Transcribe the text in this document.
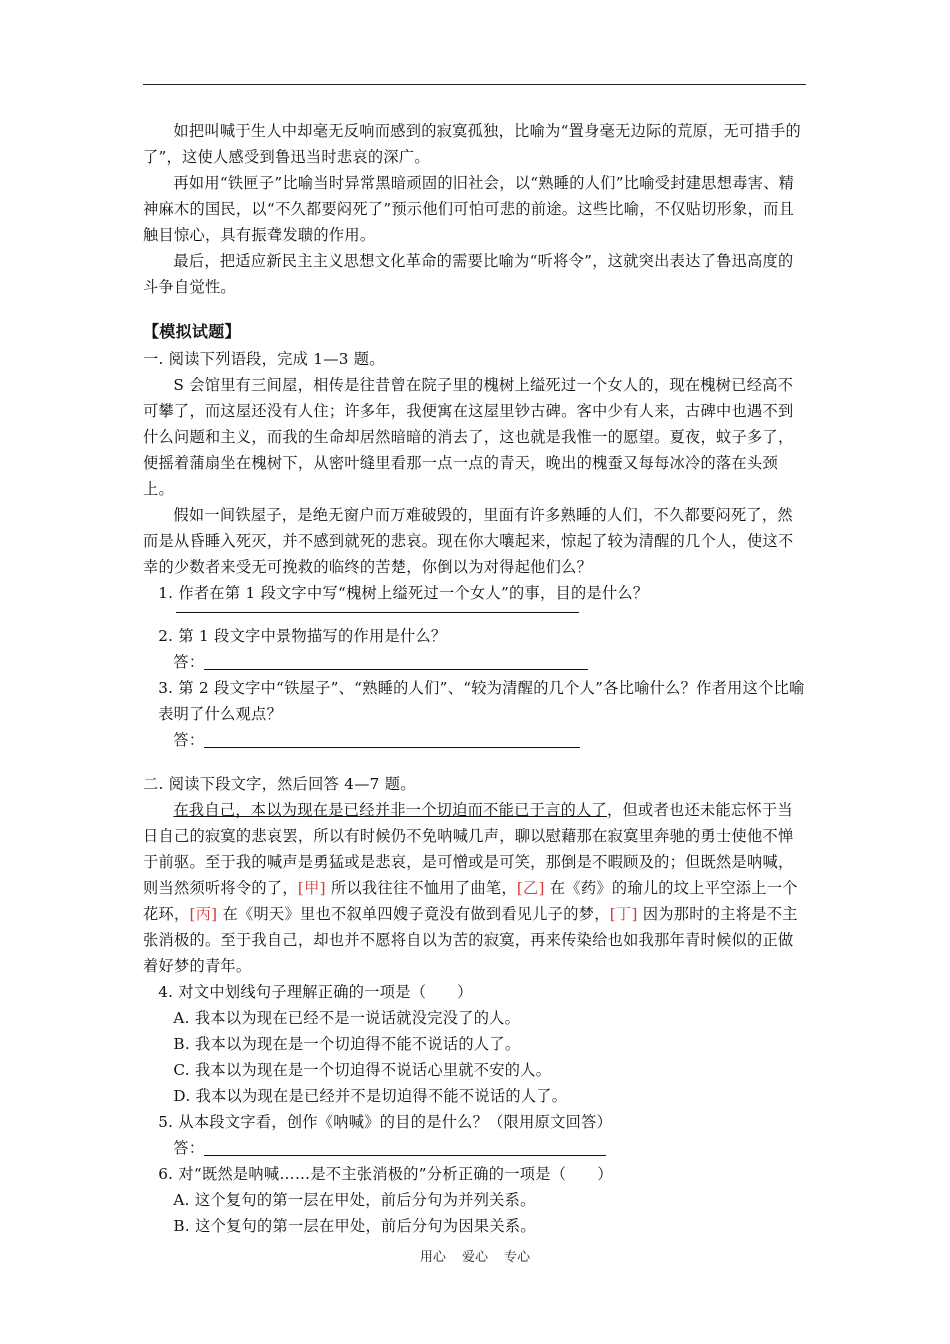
如把叫喊于生人中却毫无反响而感到的寂寞孤独，比喻为“置身毫无边际的荒原，无可措手的了”，这使人感受到鲁迅当时悲哀的深广。

再如用“铁匣子”比喻当时异常黑暗顽固的旧社会，以“熟睡的人们”比喻受封建思想毒害、精神麻木的国民，以“不久都要闷死了”预示他们可怕可悲的前途。这些比喻，不仅贴切形象，而且触目惊心，具有振聋发聩的作用。

最后，把适应新民主主义思想文化革命的需要比喻为“听将令”，这就突出表达了鲁迅高度的斗争自觉性。

【模拟试题】

一. 阅读下列语段，完成 1—3 题。

S 会馆里有三间屋，相传是往昔曾在院子里的槐树上缢死过一个女人的，现在槐树已经高不可攀了，而这屋还没有人住；许多年，我便寓在这屋里钞古碑。客中少有人来，古碑中也遇不到什么问题和主义，而我的生命却居然暗暗的消去了，这也就是我惟一的愿望。夏夜，蚊子多了，便摇着蒲扇坐在槐树下，从密叶缝里看那一点一点的青天，晚出的槐蚕又每每冰冷的落在头颈上。

假如一间铁屋子，是绝无窗户而万难破毁的，里面有许多熟睡的人们，不久都要闷死了，然而是从昏睡入死灭，并不感到就死的悲哀。现在你大嚷起来，惊起了较为清醒的几个人，使这不幸的少数者来受无可挽救的临终的苦楚，你倒以为对得起他们么？

1. 作者在第 1 段文字中写“槐树上缢死过一个女人”的事，目的是什么？

2. 第 1 段文字中景物描写的作用是什么？

答：

3. 第 2 段文字中“铁屋子”、“熟睡的人们”、“较为清醒的几个人”各比喻什么？作者用这个比喻表明了什么观点？

答：

二. 阅读下段文字，然后回答 4—7 题。

在我自己，本以为现在是已经并非一个切迫而不能已于言的人了，但或者也还未能忘怀于当日自己的寂寞的悲哀罢，所以有时候仍不免呐喊几声，聊以慰藉那在寂寞里奔驰的勇士使他不惮于前驱。至于我的喊声是勇猛或是悲哀，是可憎或是可笑，那倒是不暇顾及的；但既然是呐喊，则当然须听将令的了，[甲] 所以我往往不恤用了曲笔，[乙] 在《药》的瑜儿的坟上平空添上一个花环，[丙] 在《明天》里也不叙单四嫂子竟没有做到看见儿子的梦，[丁] 因为那时的主将是不主张消极的。至于我自己，却也并不愿将自以为苦的寂寞，再来传染给也如我那年青时候似的正做着好梦的青年。

4. 对文中划线句子理解正确的一项是（　　）

A. 我本以为现在已经不是一说话就没完没了的人。

B. 我本以为现在是一个切迫得不能不说话的人了。

C. 我本以为现在是一个切迫得不说话心里就不安的人。

D. 我本以为现在是已经并不是切迫得不能不说话的人了。

5. 从本段文字看，创作《呐喊》的目的是什么？（限用原文回答）

答：

6. 对“既然是呐喊……是不主张消极的”分析正确的一项是（　　）

A. 这个复句的第一层在甲处，前后分句为并列关系。

B. 这个复句的第一层在甲处，前后分句为因果关系。

用心 爱心 专心
